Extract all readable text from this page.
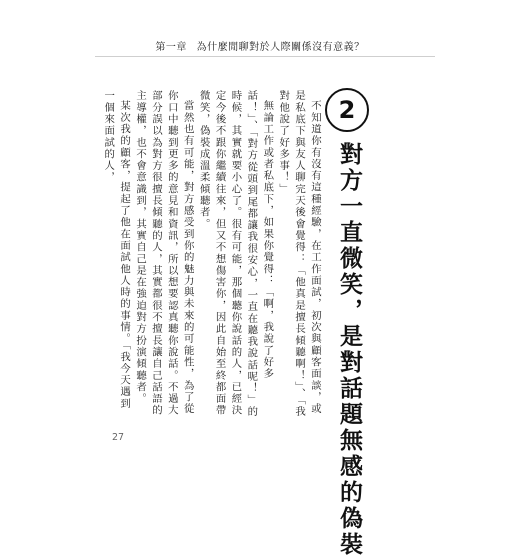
第一章 為什麼閒聊對於人際關係沒有意義？
2
對方一直微笑，是對話題無感的偽裝

不知道你有沒有這種經驗，在工作面試，初次與顧客面談，或是私底下與友人聊完天後會覺得：「他真是擅長傾聽啊！」、「我對他說了好多事！」

無論工作或者私底下，如果你覺得：「啊，我說了好多話！」、「對方從頭到尾都讓我很安心，一直在聽我說話呢！」的時候，其實就要小心了。很有可能，那個聽你說話的人，已經決定今後不跟你繼續往來，但又不想傷害你，因此自始至終都面帶微笑，偽裝成溫柔傾聽者。

當然也有可能，對方感受到你的魅力與未來的可能性，為了從你口中聽到更多的意見和資訊，所以想要認真聽你說話。不過大部分誤以為對方很擅長傾聽的人，其實都很不擅長讓自己話語的主導權，也不會意識到，其實自己是在強迫對方扮演傾聽者。

某次我的顧客，提起了他在面試他人時的事情。「我今天遇到一個來面試的人，

27
